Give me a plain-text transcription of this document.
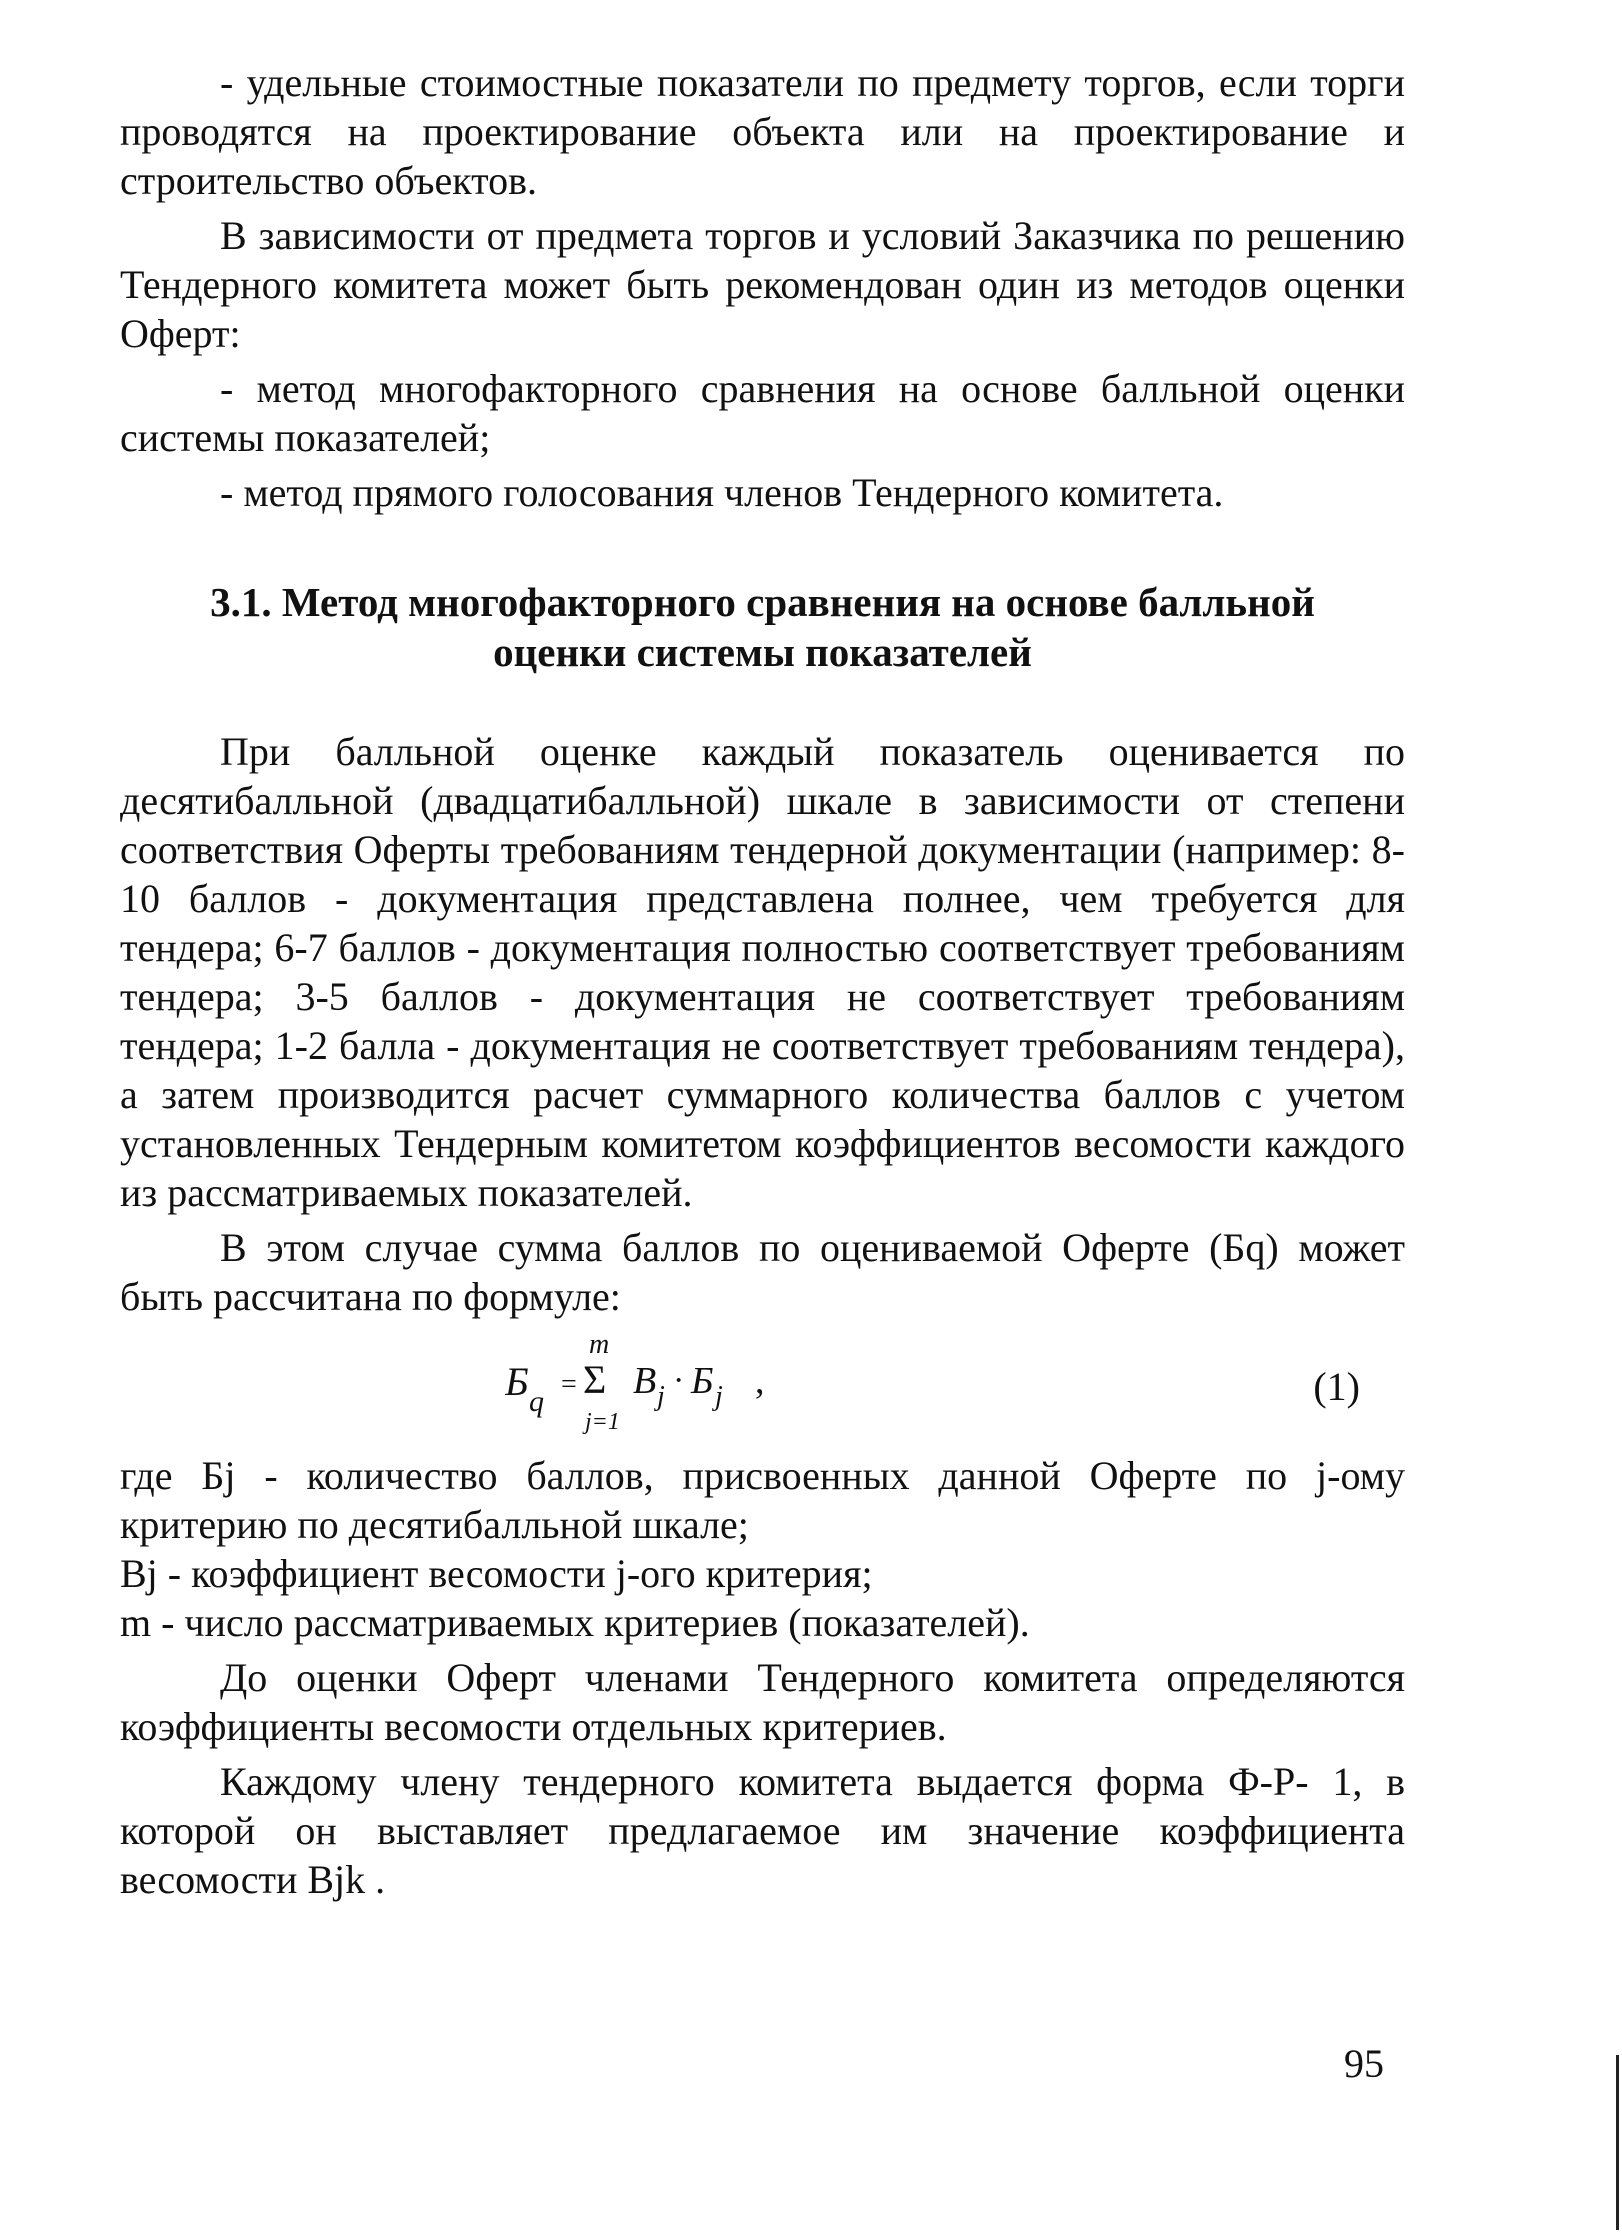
- удельные стоимостные показатели по предмету торгов, если торги проводятся на проектирование объекта или на проектирование и строительство объектов.

В зависимости от предмета торгов и условий Заказчика по решению Тендерного комитета может быть рекомендован один из методов оценки Оферт:

- метод многофакторного сравнения на основе балльной оценки системы показателей;

- метод прямого голосования членов Тендерного комитета.

3.1. Метод многофакторного сравнения на основе балльной
оценки системы показателей

При балльной оценке каждый показатель оценивается по десятибалльной (двадцатибалльной) шкале в зависимости от степени соответствия Оферты требованиям тендерной документации (например: 8-10 баллов - документация представлена полнее, чем требуется для тендера; 6-7 баллов - документация полностью соответствует требованиям тендера; 3-5 баллов - документация не соответствует требованиям тендера; 1-2 балла - документация не соответствует требованиям тендера), а затем производится расчет суммарного количества баллов с учетом установленных Тендерным комитетом коэффициентов весомости каждого из рассматриваемых показателей.

В этом случае сумма баллов по оцениваемой Оферте (Бq) может быть рассчитана по формуле:

Б q
=
m
Σ
j=1
B j · Б j ,	(1)

где Бj - количество баллов, присвоенных данной Оферте по j-ому критерию по десятибалльной шкале;

Вj - коэффициент весомости j-ого критерия;

m - число рассматриваемых критериев (показателей).

До оценки Оферт членами Тендерного комитета определяются коэффициенты весомости отдельных критериев.

Каждому члену тендерного комитета выдается форма Ф-Р- 1, в которой он выставляет предлагаемое им значение коэффициента весомости Вjk .

95
